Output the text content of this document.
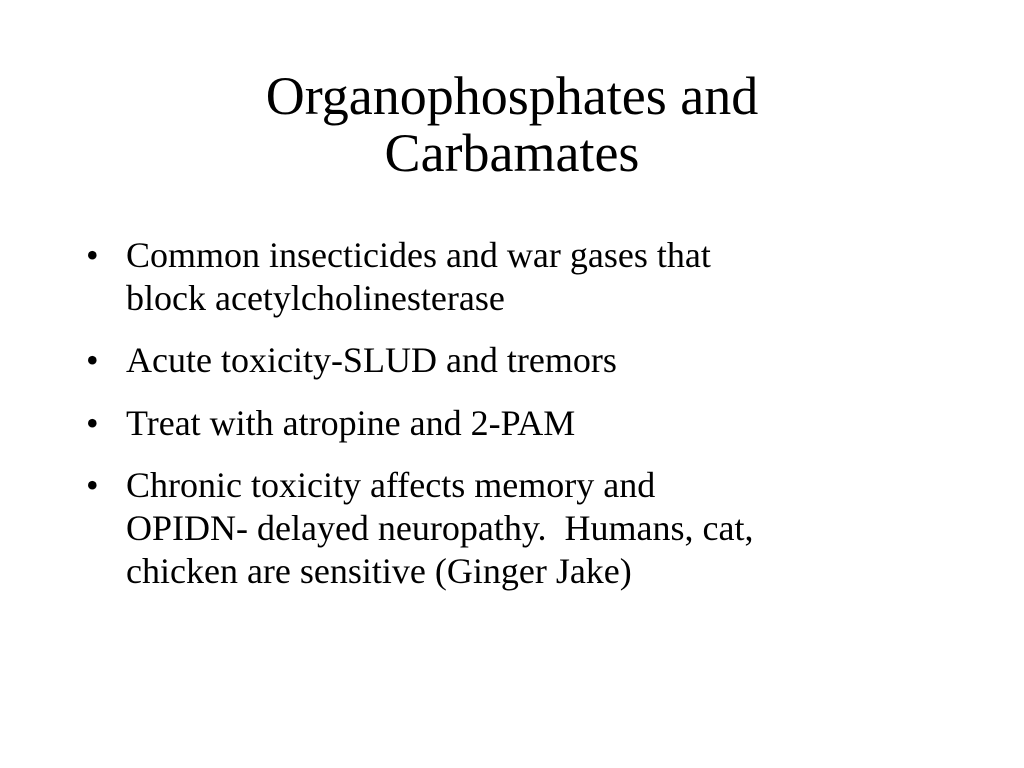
Organophosphates and
Carbamates
• Common insecticides and war gases that
block acetylcholinesterase
• Acute toxicity-SLUD and tremors
• Treat with atropine and 2-PAM
• Chronic toxicity affects memory and
OPIDN- delayed neuropathy.  Humans, cat,
chicken are sensitive (Ginger Jake)
